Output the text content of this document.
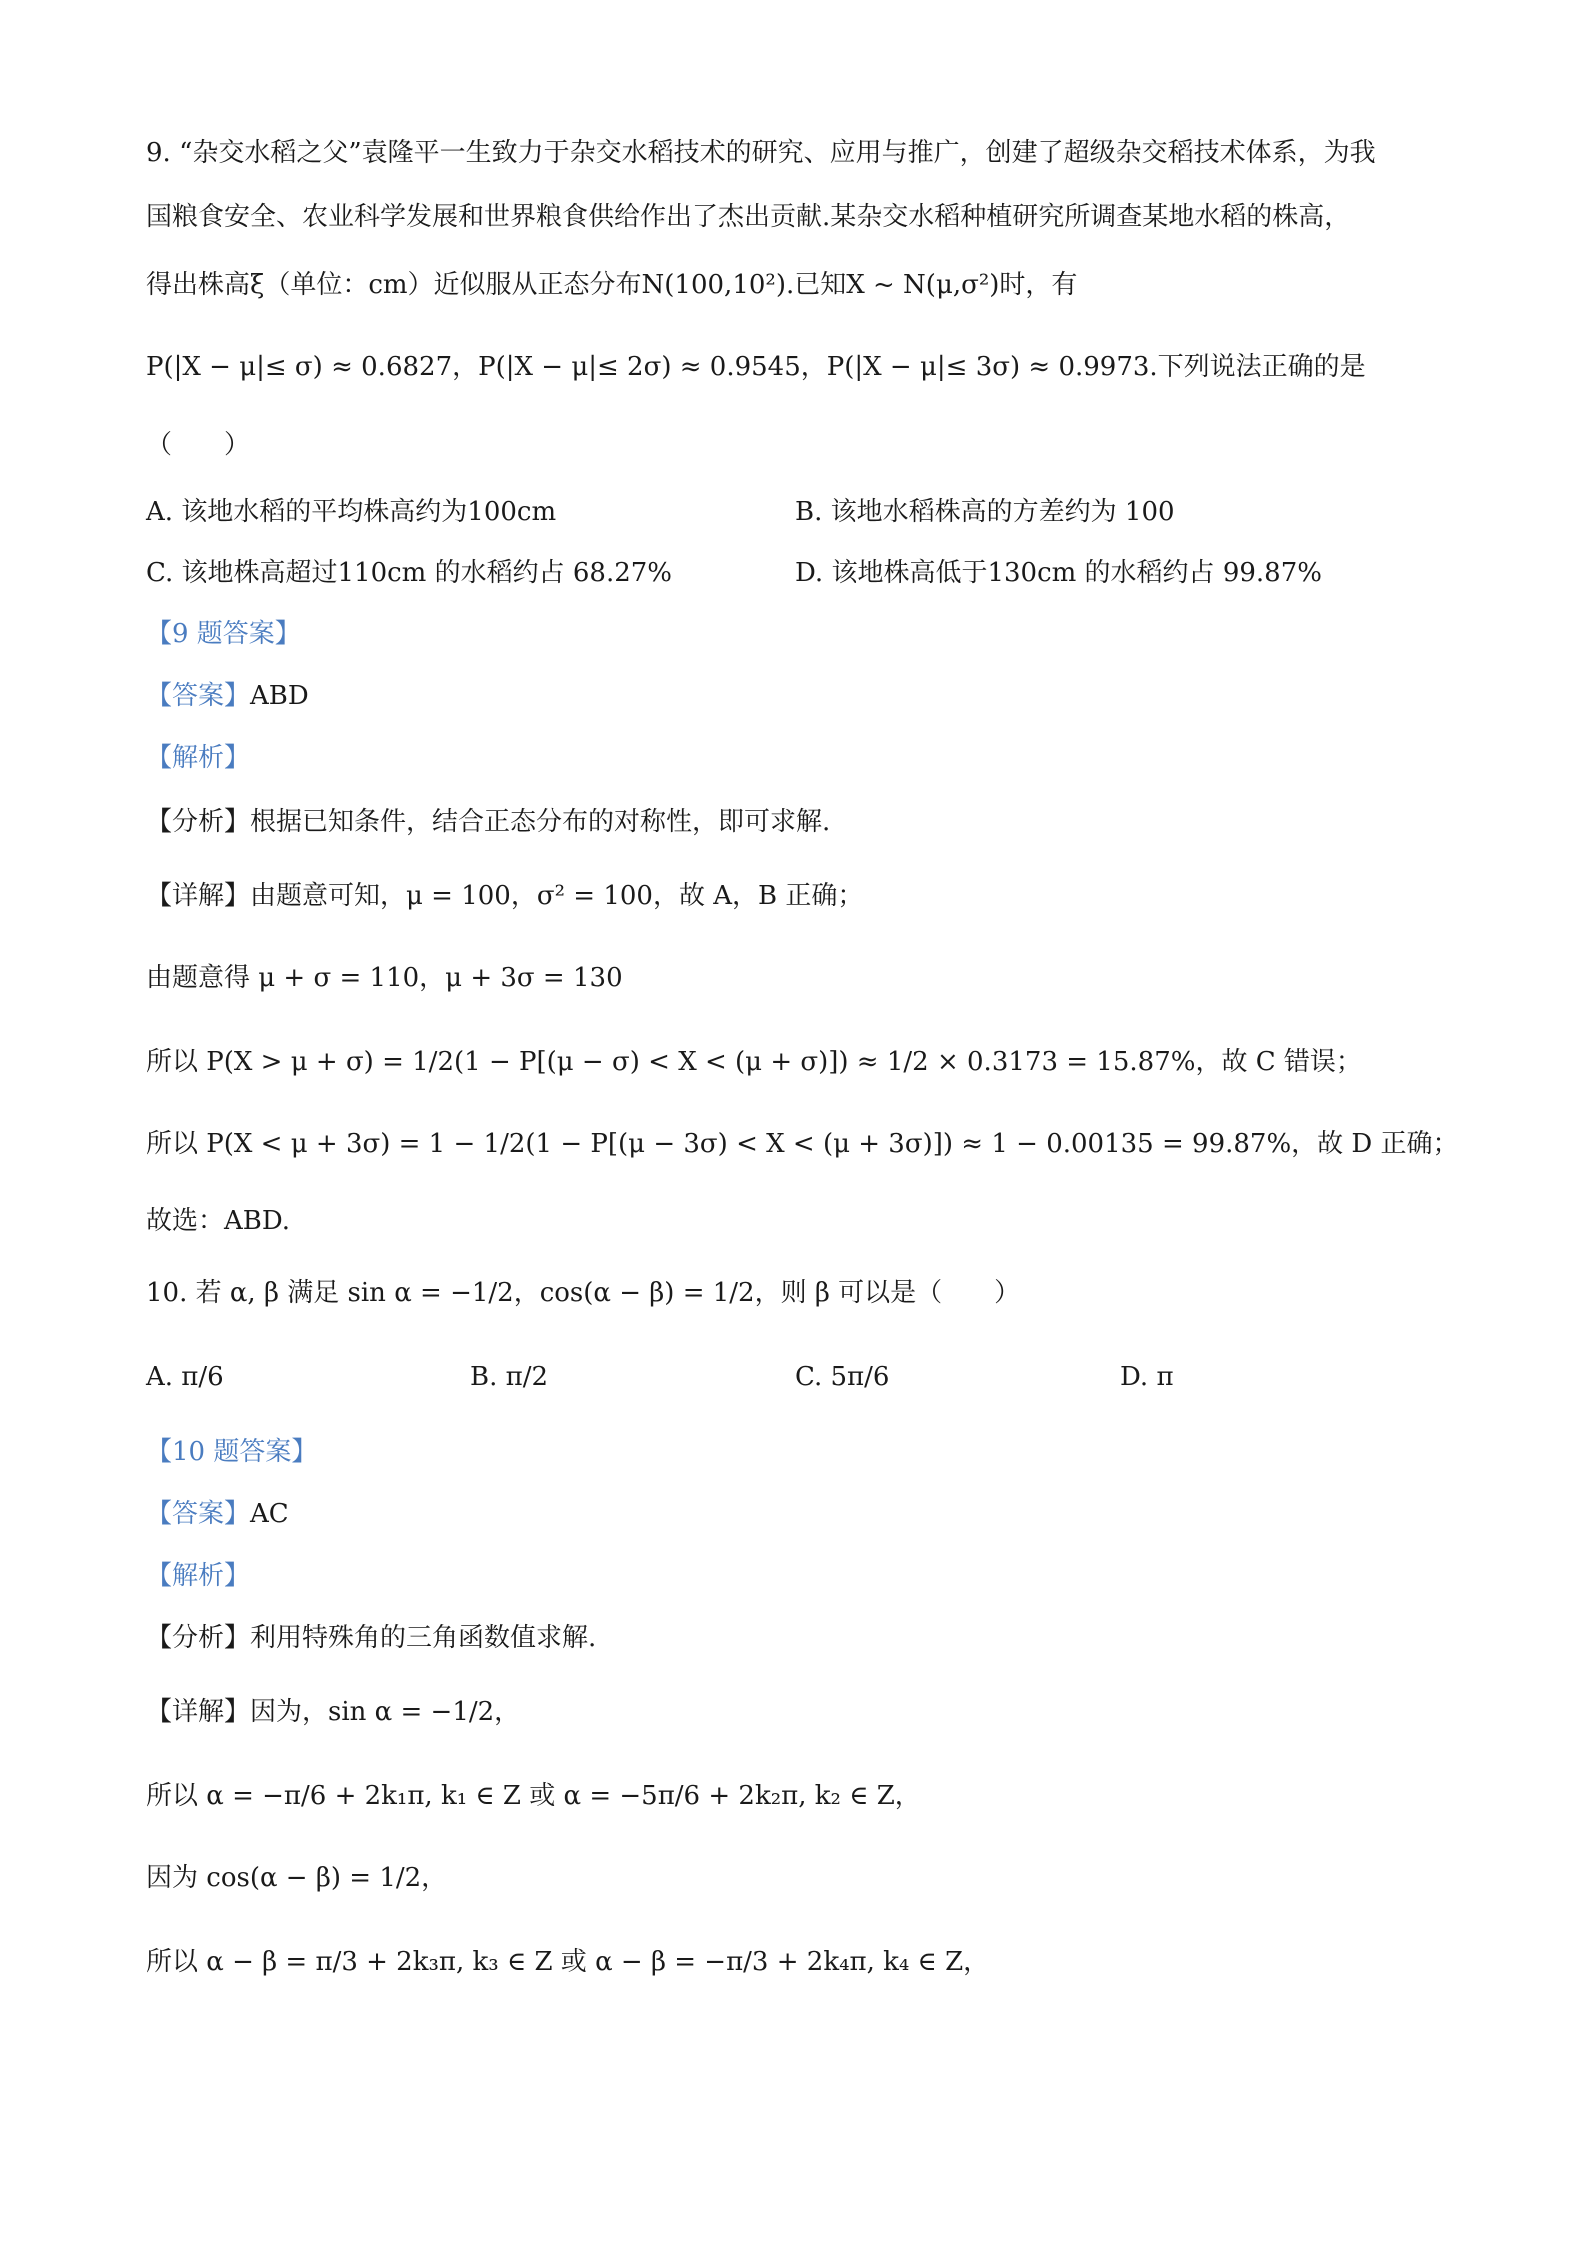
9. “杂交水稻之父”袁隆平一生致力于杂交水稻技术的研究、应用与推广，创建了超级杂交稻技术体系，为我
国粮食安全、农业科学发展和世界粮食供给作出了杰出贡献.某杂交水稻种植研究所调查某地水稻的株高，
得出株高ξ（单位：cm）近似服从正态分布N(100,10²).已知X ~ N(μ,σ²)时，有
P(|X − μ|≤ σ) ≈ 0.6827，P(|X − μ|≤ 2σ) ≈ 0.9545，P(|X − μ|≤ 3σ) ≈ 0.9973.下列说法正确的是
（　　）
A. 该地水稻的平均株高约为100cm	B. 该地水稻株高的方差约为 100
C. 该地株高超过110cm 的水稻约占 68.27%	D. 该地株高低于130cm 的水稻约占 99.87%
【9 题答案】
【答案】ABD
【解析】
【分析】根据已知条件，结合正态分布的对称性，即可求解.
【详解】由题意可知，μ = 100，σ² = 100，故 A，B 正确；
由题意得 μ + σ = 110，μ + 3σ = 130
所以 P(X > μ + σ) = 1/2(1 − P[(μ − σ) < X < (μ + σ)]) ≈ 1/2 × 0.3173 = 15.87%，故 C 错误；
所以 P(X < μ + 3σ) = 1 − 1/2(1 − P[(μ − 3σ) < X < (μ + 3σ)]) ≈ 1 − 0.00135 = 99.87%，故 D 正确；
故选：ABD.
10. 若 α, β 满足 sin α = −1/2，cos(α − β) = 1/2，则 β 可以是（　　）
A. π/6	B. π/2	C. 5π/6	D. π
【10 题答案】
【答案】AC
【解析】
【分析】利用特殊角的三角函数值求解.
【详解】因为，sin α = −1/2，
所以 α = −π/6 + 2k₁π, k₁ ∈ Z 或 α = −5π/6 + 2k₂π, k₂ ∈ Z，
因为 cos(α − β) = 1/2，
所以 α − β = π/3 + 2k₃π, k₃ ∈ Z 或 α − β = −π/3 + 2k₄π, k₄ ∈ Z，
